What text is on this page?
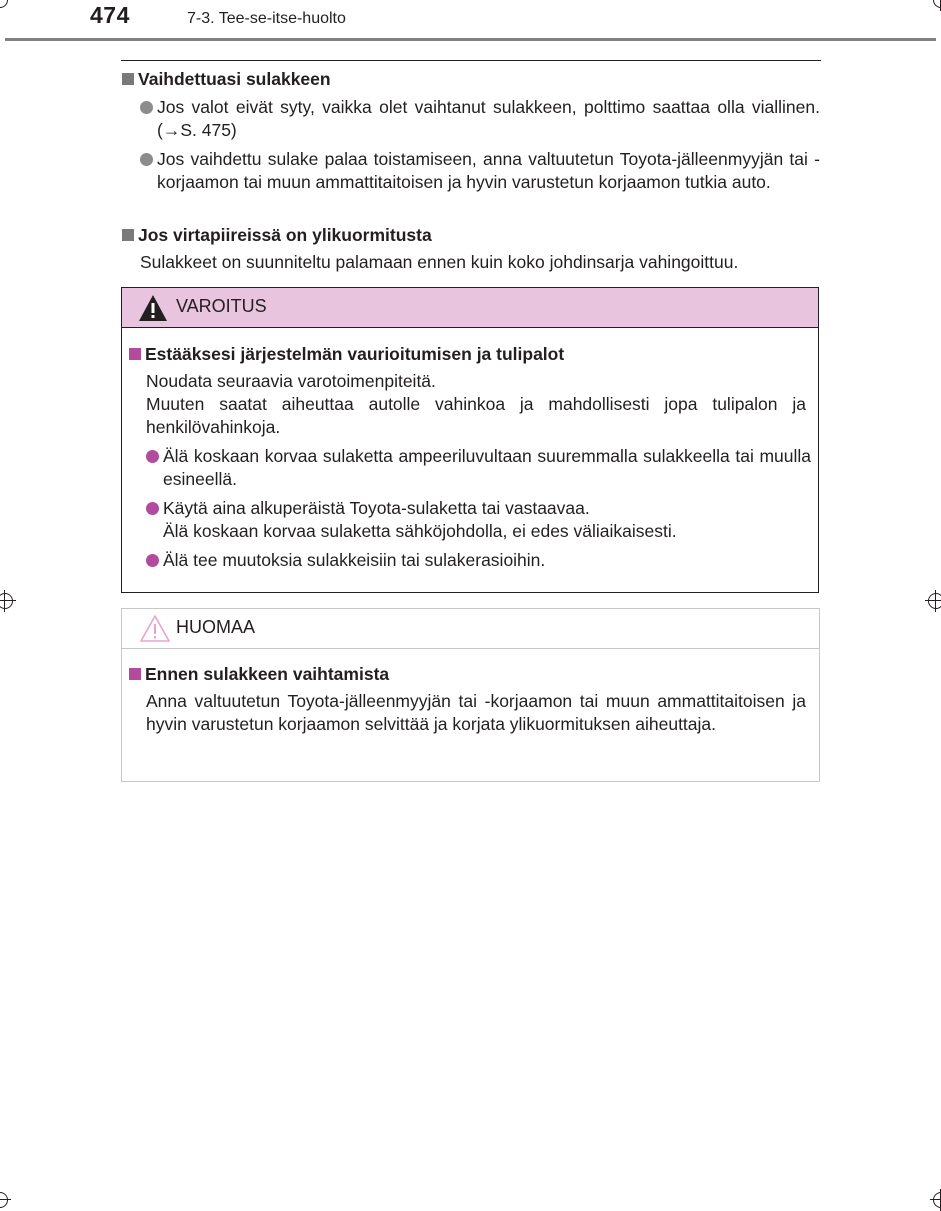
474	7-3. Tee-se-itse-huolto
Vaihdettuasi sulakkeen
Jos valot eivät syty, vaikka olet vaihtanut sulakkeen, polttimo saattaa olla viallinen. (→S. 475)
Jos vaihdettu sulake palaa toistamiseen, anna valtuutetun Toyota-jälleenmyyjän tai -korjaamon tai muun ammattitaitoisen ja hyvin varustetun korjaamon tutkia auto.
Jos virtapiireissä on ylikuormitusta
Sulakkeet on suunniteltu palamaan ennen kuin koko johdinsarja vahingoittuu.
VAROITUS
Estääksesi järjestelmän vaurioitumisen ja tulipalot
Noudata seuraavia varotoimenpiteitä.
Muuten saatat aiheuttaa autolle vahinkoa ja mahdollisesti jopa tulipalon ja henkilövahinkoja.
Älä koskaan korvaa sulaketta ampeeriluvultaan suuremmalla sulakkeella tai muulla esineellä.
Käytä aina alkuperäistä Toyota-sulaketta tai vastaavaa.
Älä koskaan korvaa sulaketta sähköjohdolla, ei edes väliaikaisesti.
Älä tee muutoksia sulakkeisiin tai sulakerasioihin.
HUOMAA
Ennen sulakkeen vaihtamista
Anna valtuutetun Toyota-jälleenmyyjän tai -korjaamon tai muun ammattitaitoisen ja hyvin varustetun korjaamon selvittää ja korjata ylikuormituksen aiheuttaja.
